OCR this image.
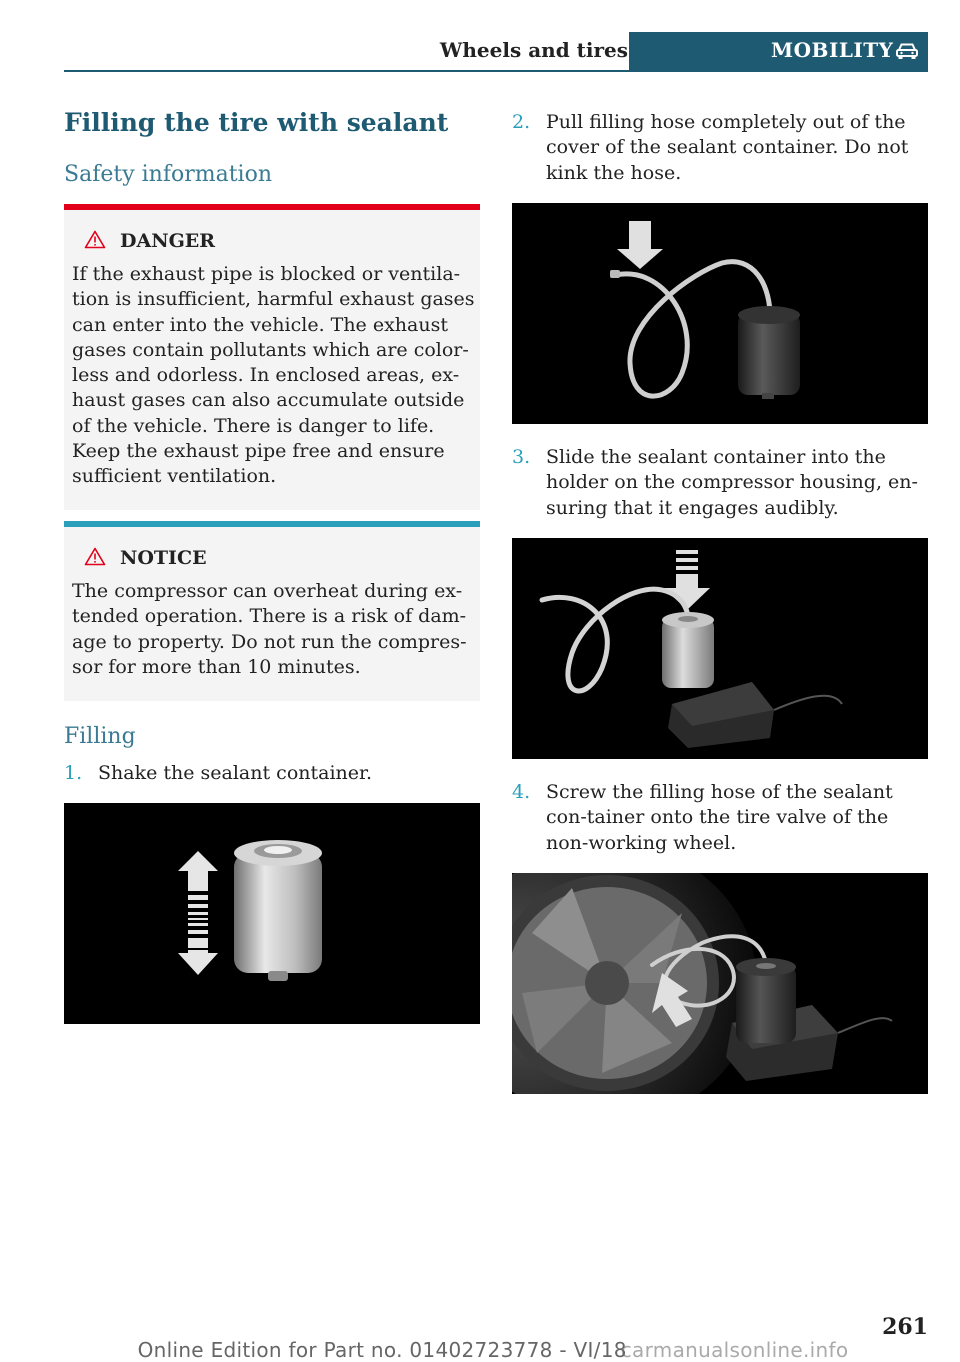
Wheels and tires	MOBILITY
Filling the tire with sealant
Safety information
DANGER
If the exhaust pipe is blocked or ventila-tion is insufficient, harmful exhaust gases can enter into the vehicle. The exhaust gases contain pollutants which are color-less and odorless. In enclosed areas, ex-haust gases can also accumulate outside of the vehicle. There is danger to life. Keep the exhaust pipe free and ensure sufficient ventilation.
NOTICE
The compressor can overheat during ex-tended operation. There is a risk of dam-age to property. Do not run the compres-sor for more than 10 minutes.
Filling
1. Shake the sealant container.
2. Pull filling hose completely out of the cover of the sealant container. Do not kink the hose.
3. Slide the sealant container into the holder on the compressor housing, en-suring that it engages audibly.
4. Screw the filling hose of the sealant con-tainer onto the tire valve of the non-working wheel.
261
Online Edition for Part no. 01402723778 - VI/18carmanualsonline.info
